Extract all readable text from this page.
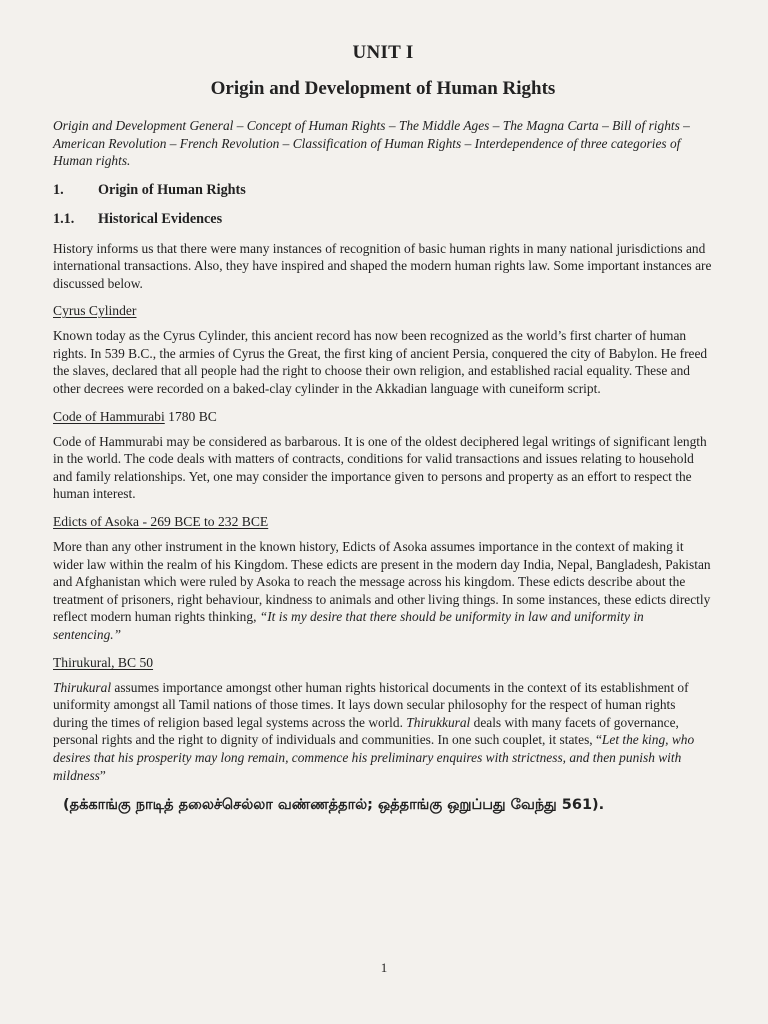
UNIT I
Origin and Development of Human Rights
Origin and Development General – Concept of Human Rights – The Middle Ages – The Magna Carta – Bill of rights – American Revolution – French Revolution – Classification of Human Rights – Interdependence of three categories of Human rights.
1.	Origin of Human Rights
1.1.	Historical Evidences

History informs us that there were many instances of recognition of basic human rights in many national jurisdictions and international transactions. Also, they have inspired and shaped the modern human rights law. Some important instances are discussed below.

Cyrus Cylinder

Known today as the Cyrus Cylinder, this ancient record has now been recognized as the world’s first charter of human rights. In 539 B.C., the armies of Cyrus the Great, the first king of ancient Persia, conquered the city of Babylon. He freed the slaves, declared that all people had the right to choose their own religion, and established racial equality. These and other decrees were recorded on a baked-clay cylinder in the Akkadian language with cuneiform script.

Code of Hammurabi 1780 BC

Code of Hammurabi may be considered as barbarous. It is one of the oldest deciphered legal writings of significant length in the world. The code deals with matters of contracts, conditions for valid transactions and issues relating to household and family relationships. Yet, one may consider the importance given to persons and property as an effort to respect the human interest.

Edicts of Asoka - 269 BCE to 232 BCE

More than any other instrument in the known history, Edicts of Asoka assumes importance in the context of making it wider law within the realm of his Kingdom. These edicts are present in the modern day India, Nepal, Bangladesh, Pakistan and Afghanistan which were ruled by Asoka to reach the message across his kingdom. These edicts describe about the treatment of prisoners, right behaviour, kindness to animals and other living things. In some instances, these edicts directly reflect modern human rights thinking, “It is my desire that there should be uniformity in law and uniformity in sentencing.”

Thirukural, BC 50

Thirukural assumes importance amongst other human rights historical documents in the context of its establishment of uniformity amongst all Tamil nations of those times. It lays down secular philosophy for the respect of human rights during the times of religion based legal systems across the world. Thirukkural deals with many facets of governance, personal rights and the right to dignity of individuals and communities. In one such couplet, it states, “Let the king, who desires that his prosperity may long remain, commence his preliminary enquires with strictness, and then punish with mildness”

(தக்காங்கு நாடித் தலைச்செல்லா வண்ணத்தால்; ஒத்தாங்கு ஒறுப்பது வேந்து 561).
1
